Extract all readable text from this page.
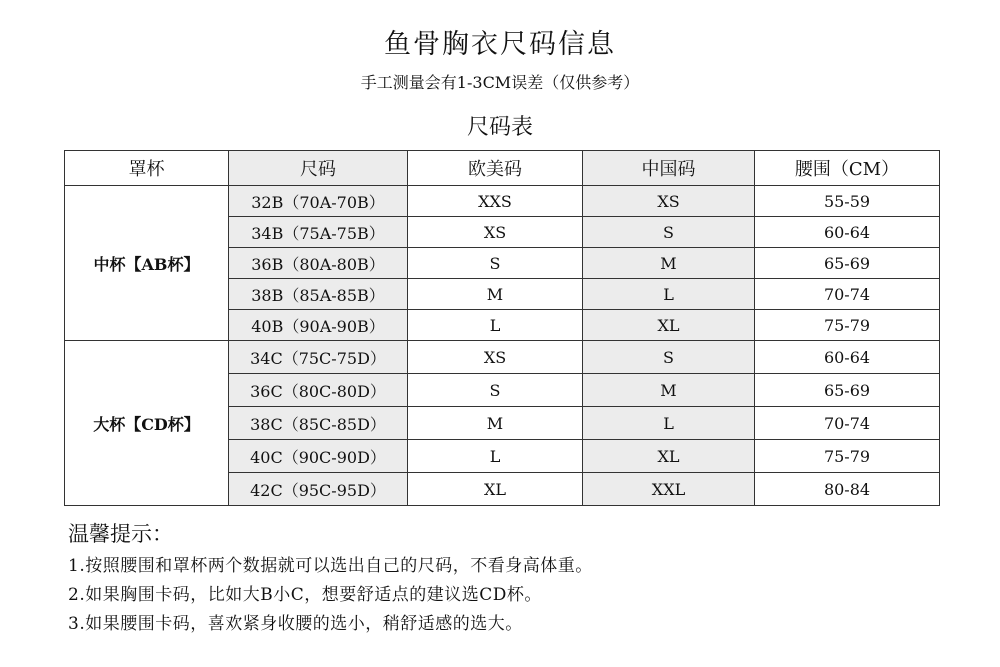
鱼骨胸衣尺码信息
手工测量会有1-3CM误差（仅供参考）
尺码表
罩杯	尺码	欧美码	中国码	腰围（CM）
中杯【AB杯】	32B（70A-70B）	XXS	XS	55-59
	34B（75A-75B）	XS	S	60-64
	36B（80A-80B）	S	M	65-69
	38B（85A-85B）	M	L	70-74
	40B（90A-90B）	L	XL	75-79
大杯【CD杯】	34C（75C-75D）	XS	S	60-64
	36C（80C-80D）	S	M	65-69
	38C（85C-85D）	M	L	70-74
	40C（90C-90D）	L	XL	75-79
	42C（95C-95D）	XL	XXL	80-84
温馨提示：
1.按照腰围和罩杯两个数据就可以选出自己的尺码，不看身高体重。
2.如果胸围卡码，比如大B小C，想要舒适点的建议选CD杯。
3.如果腰围卡码，喜欢紧身收腰的选小，稍舒适感的选大。
